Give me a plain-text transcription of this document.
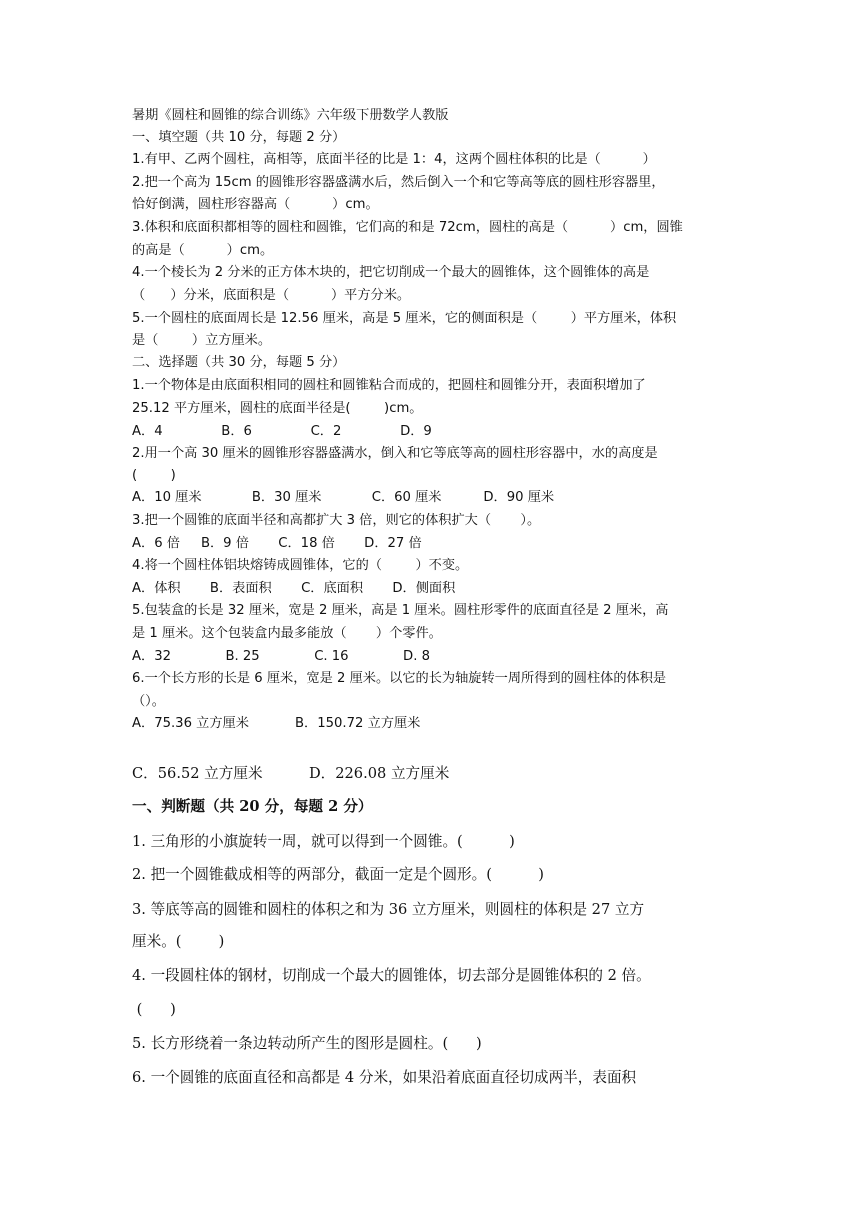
暑期《圆柱和圆锥的综合训练》六年级下册数学人教版
一、填空题（共 10 分，每题 2 分）
1.有甲、乙两个圆柱，高相等，底面半径的比是 1：4，这两个圆柱体积的比是（          ）
2.把一个高为 15cm 的圆锥形容器盛满水后，然后倒入一个和它等高等底的圆柱形容器里，
恰好倒满，圆柱形容器高（          ）cm。
3.体积和底面积都相等的圆柱和圆锥，它们高的和是 72cm，圆柱的高是（          ）cm，圆锥
的高是（          ）cm。
4.一个棱长为 2 分米的正方体木块的，把它切削成一个最大的圆锥体，这个圆锥体的高是
（      ）分米，底面积是（          ）平方分米。
5.一个圆柱的底面周长是 12.56 厘米，高是 5 厘米，它的侧面积是（        ）平方厘米，体积
是（        ）立方厘米。
二、选择题（共 30 分，每题 5 分）
1.一个物体是由底面积相同的圆柱和圆锥粘合而成的，把圆柱和圆锥分开，表面积增加了
25.12 平方厘米，圆柱的底面半径是(        )cm。
A．4              B．6              C．2              D．9
2.用一个高 30 厘米的圆锥形容器盛满水，倒入和它等底等高的圆柱形容器中，水的高度是
(        )
A．10 厘米            B．30 厘米            C．60 厘米          D．90 厘米
3.把一个圆锥的底面半径和高都扩大 3 倍，则它的体积扩大（       ）。
A．6 倍     B．9 倍       C．18 倍       D．27 倍
4.将一个圆柱体铝块熔铸成圆锥体，它的（        ）不变。
A．体积       B．表面积       C．底面积       D．侧面积
5.包装盒的长是 32 厘米，宽是 2 厘米，高是 1 厘米。圆柱形零件的底面直径是 2 厘米，高
是 1 厘米。这个包装盒内最多能放（       ）个零件。
A．32             B. 25             C. 16             D. 8
6.一个长方形的长是 6 厘米，宽是 2 厘米。以它的长为轴旋转一周所得到的圆柱体的体积是
（）。
A．75.36 立方厘米           B．150.72 立方厘米
C．56.52 立方厘米          D．226.08 立方厘米
一、判断题（共 20 分，每题 2 分）
1. 三角形的小旗旋转一周，就可以得到一个圆锥。(          )
2. 把一个圆锥截成相等的两部分，截面一定是个圆形。(          )
3. 等底等高的圆锥和圆柱的体积之和为 36 立方厘米，则圆柱的体积是 27 立方
厘米。(        )
4. 一段圆柱体的钢材，切削成一个最大的圆锥体，切去部分是圆锥体积的 2 倍。
(      )
5. 长方形绕着一条边转动所产生的图形是圆柱。(      )
6. 一个圆锥的底面直径和高都是 4 分米，如果沿着底面直径切成两半，表面积
